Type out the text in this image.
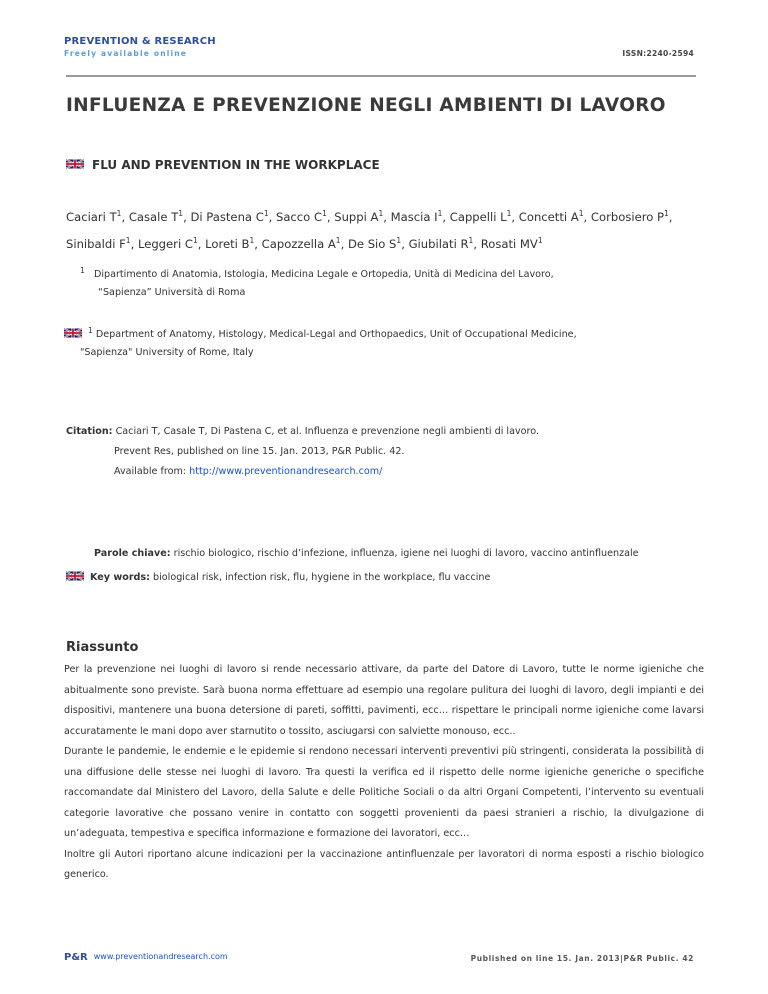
PREVENTION & RESEARCH
Freely available online	ISSN:2240-2594
INFLUENZA E PREVENZIONE NEGLI AMBIENTI DI LAVORO
FLU AND PREVENTION IN THE WORKPLACE
Caciari $T^1$, Casale $T^1$, Di Pastena $C^1$, Sacco $C^1$, Suppi $A^1$, Mascia $I^1$, Cappelli $L^1$, Concetti $A^1$, Corbosiero $P^1$, Sinibaldi $F^1$, Leggeri $C^1$, Loreti $B^1$, Capozzella $A^1$, De Sio $S^1$, Giubilati $R^1$, Rosati $MV^1$
$^1$ Dipartimento di Anatomia, Istologia, Medicina Legale e Ortopedia, Unità di Medicina del Lavoro,
“Sapienza” Università di Roma
$^1$ Department of Anatomy, Histology, Medical-Legal and Orthopaedics, Unit of Occupational Medicine,
"Sapienza" University of Rome, Italy
Citation: Caciari T, Casale T, Di Pastena C, et al. Influenza e prevenzione negli ambienti di lavoro.
Prevent Res, published on line 15. Jan. 2013, P&R Public. 42.
Available from: http://www.preventionandresearch.com/
Parole chiave: rischio biologico, rischio d’infezione, influenza, igiene nei luoghi di lavoro, vaccino antinfluenzale
Key words: biological risk, infection risk, flu, hygiene in the workplace, flu vaccine
Riassunto

Per la prevenzione nei luoghi di lavoro si rende necessario attivare, da parte del Datore di Lavoro, tutte le norme igieniche che abitualmente sono previste. Sarà buona norma effettuare ad esempio una regolare pulitura dei luoghi di lavoro, degli impianti e dei dispositivi, mantenere una buona detersione di pareti, soffitti, pavimenti, ecc… rispettare le principali norme igieniche come lavarsi accuratamente le mani dopo aver starnutito o tossito, asciugarsi con salviette monouso, ecc..

Durante le pandemie, le endemie e le epidemie si rendono necessari interventi preventivi più stringenti, considerata la possibilità di una diffusione delle stesse nei luoghi di lavoro. Tra questi la verifica ed il rispetto delle norme igieniche generiche o specifiche raccomandate dal Ministero del Lavoro, della Salute e delle Politiche Sociali o da altri Organi Competenti, l’intervento su eventuali categorie lavorative che possano venire in contatto con soggetti provenienti da paesi stranieri a rischio, la divulgazione di un’adeguata, tempestiva e specifica informazione e formazione dei lavoratori, ecc…

Inoltre gli Autori riportano alcune indicazioni per la vaccinazione antinfluenzale per lavoratori di norma esposti a rischio biologico generico.

P&R www.preventionandresearch.com	Published on line 15. Jan. 2013|P&R Public. 42
